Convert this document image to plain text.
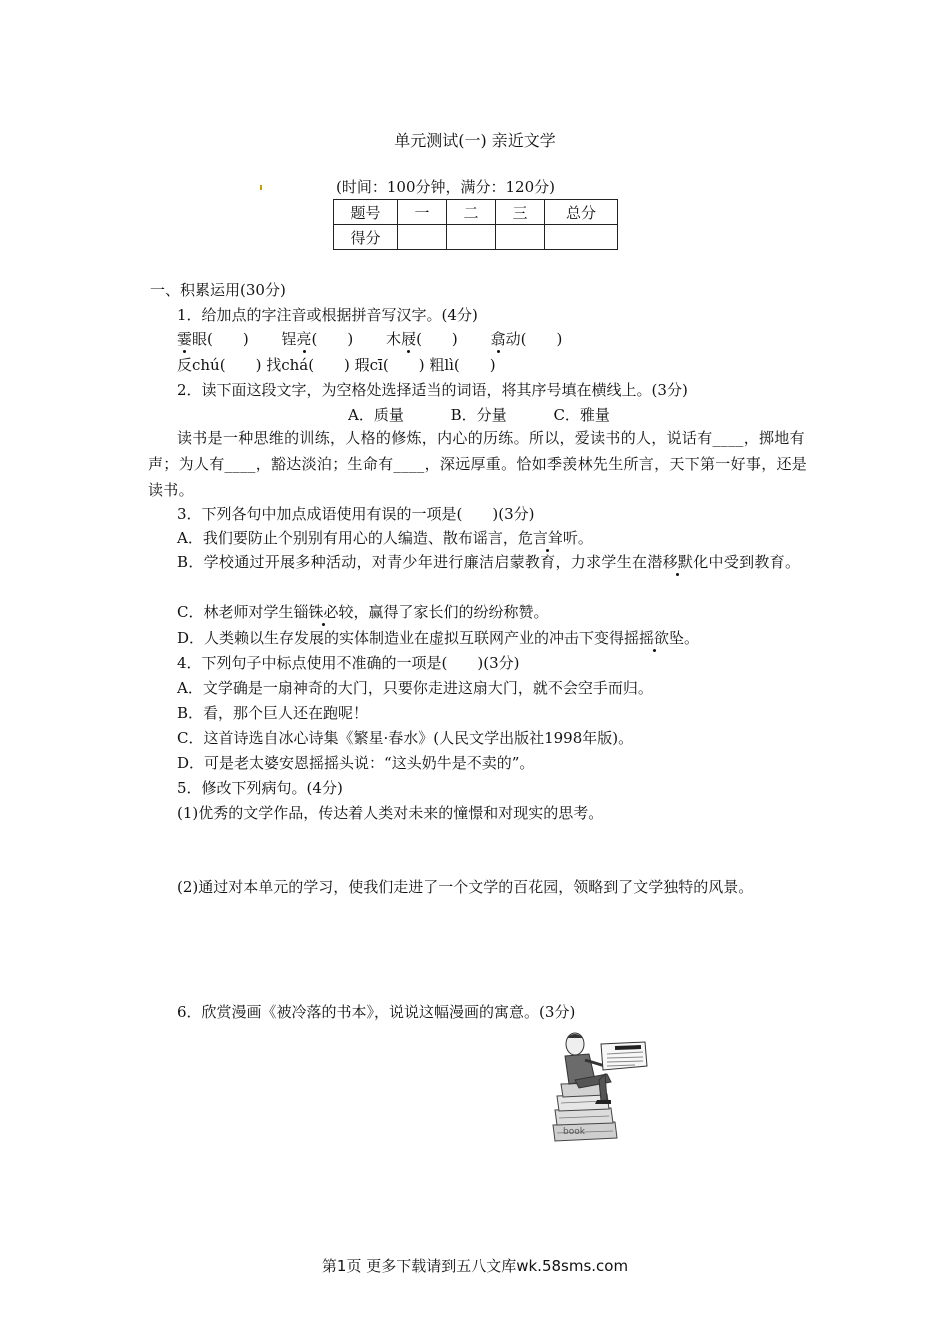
单元测试(一) 亲近文学
(时间：100分钟，满分：120分)
题号	一	二	三	总分
得分				
一、积累运用(30分)
1．给加点的字注音或根据拼音写汉字。(4分)
霎眼(　　) 锃亮(　　) 木屐(　　) 翕动(　　)
反chú(　　) 找chá(　　) 瑕cī(　　) 粗lì(　　)
2．读下面这段文字，为空格处选择适当的词语，将其序号填在横线上。(3分)
A．质量	B．分量	C．雅量
读书是一种思维的训练，人格的修炼，内心的历练。所以，爱读书的人，说话有____，掷地有声；为人有____，豁达淡泊；生命有____，深远厚重。恰如季羡林先生所言，天下第一好事，还是读书。
3．下列各句中加点成语使用有误的一项是(　　)(3分)
A．我们要防止个别别有用心的人编造、散布谣言，危言耸听。
B．学校通过开展多种活动，对青少年进行廉洁启蒙教育，力求学生在潜移默化中受到教育。
C．林老师对学生锱铢必较，赢得了家长们的纷纷称赞。
D．人类赖以生存发展的实体制造业在虚拟互联网产业的冲击下变得摇摇欲坠。
4．下列句子中标点使用不准确的一项是(　　)(3分)
A．文学确是一扇神奇的大门，只要你走进这扇大门，就不会空手而归。
B．看，那个巨人还在跑呢！
C．这首诗选自冰心诗集《繁星·春水》(人民文学出版社1998年版)。
D．可是老太婆安恩摇摇头说：“这头奶牛是不卖的”。
5．修改下列病句。(4分)
(1)优秀的文学作品，传达着人类对未来的憧憬和对现实的思考。
(2)通过对本单元的学习，使我们走进了一个文学的百花园，领略到了文学独特的风景。
6．欣赏漫画《被冷落的书本》，说说这幅漫画的寓意。(3分)
book
第1页 更多下载请到五八文库wk.58sms.com
